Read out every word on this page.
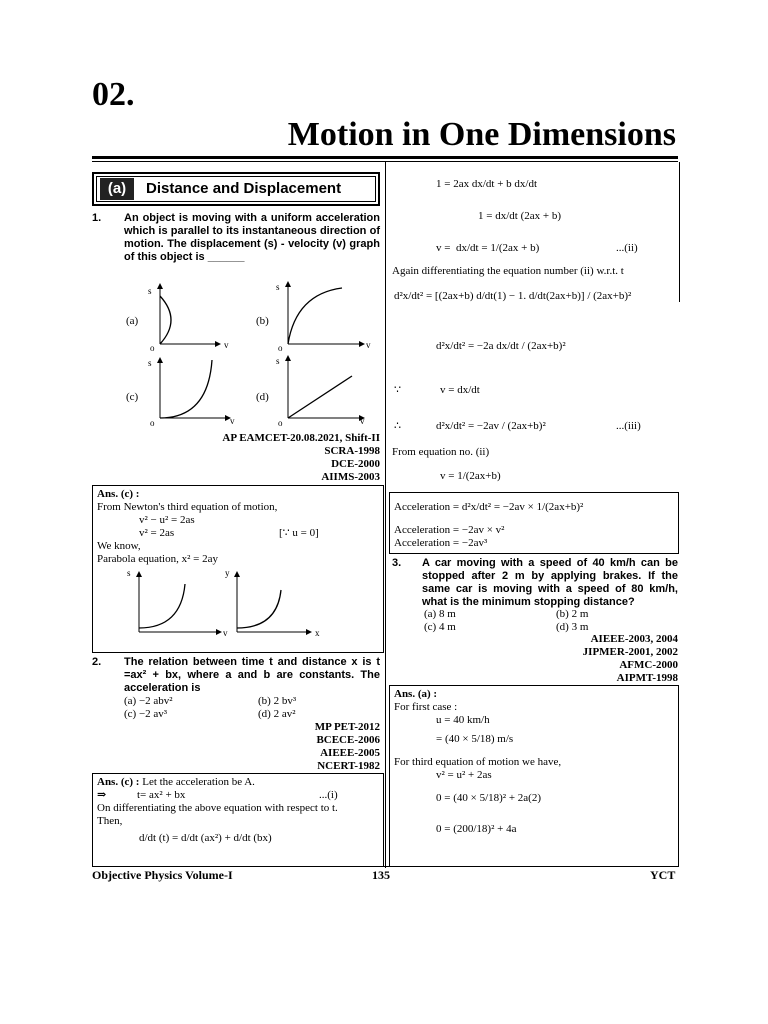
02.
Motion in One Dimensions
(a)	Distance and Displacement
1. An object is moving with a uniform acceleration which is parallel to its instantaneous direction of motion. The displacement (s) - velocity (v) graph of this object is ______
s
v
o
(a)
s
v
o
(b)
s
v
o
(c)
s
v
o
(d)
AP EAMCET-20.08.2021, Shift-II
SCRA-1998
DCE-2000
AIIMS-2003
Ans. (c) :
From Newton's third equation of motion,
v² − u² = 2as
v² = 2as	[∵ u = 0]
We know,
Parabola equation, x² = 2ay
s
v
y
x
2. The relation between time t and distance x is t =ax² + bx, where a and b are constants. The acceleration is
(a) −2 abv²	(b) 2 bv³
(c) −2 av³	(d) 2 av²
MP PET-2012
BCECE-2006
AIEEE-2005
NCERT-1982
Ans. (c) : Let the acceleration be A.
⇒	t= ax² + bx	...(i)
On differentiating the above equation with respect to t.
Then,
d/dt (t) = d/dt (ax²) + d/dt (bx)
1 = 2ax dx/dt + b dx/dt
1 = dx/dt (2ax + b)
v = dx/dt = 1/(2ax + b)	...(ii)
Again differentiating the equation number (ii) w.r.t. t
d²x/dt² = [(2ax+b) d/dt(1) − 1. d/dt(2ax+b)] / (2ax+b)²
d²x/dt² = −2a dx/dt / (2ax+b)²
∵	v = dx/dt
∴	d²x/dt² = −2av / (2ax+b)²	...(iii)
From equation no. (ii)
v = 1/(2ax+b)
Acceleration = d²x/dt² = −2av × 1/(2ax+b)²
Acceleration = −2av × v²
Acceleration = −2av³
3. A car moving with a speed of 40 km/h can be stopped after 2 m by applying brakes. If the same car is moving with a speed of 80 km/h, what is the minimum stopping distance?
(a) 8 m	(b) 2 m
(c) 4 m	(d) 3 m
AIEEE-2003, 2004
JIPMER-2001, 2002
AFMC-2000
AIPMT-1998
Ans. (a) :
For first case :
u = 40 km/h
= (40 × 5/18) m/s
For third equation of motion we have,
v² = u² + 2as
0 = (40 × 5/18)² + 2a(2)
0 = (200/18)² + 4a
Objective Physics Volume-I	135	YCT
